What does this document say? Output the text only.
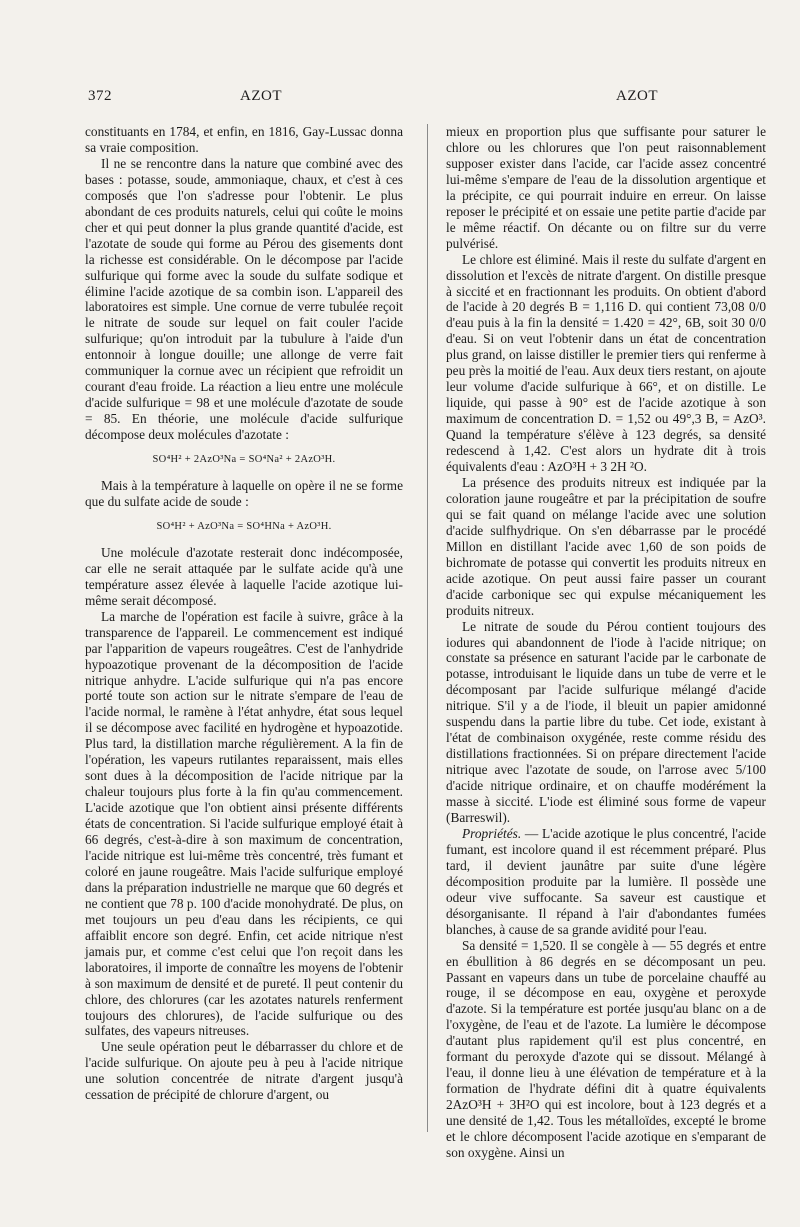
372	AZOT	AZOT

constituants en 1784, et enfin, en 1816, Gay-Lussac donna sa vraie composition.

Il ne se rencontre dans la nature que combiné avec des bases : potasse, soude, ammoniaque, chaux, et c'est à ces composés que l'on s'adresse pour l'obtenir. Le plus abondant de ces produits naturels, celui qui coûte le moins cher et qui peut donner la plus grande quantité d'acide, est l'azotate de soude qui forme au Pérou des gisements dont la richesse est considérable. On le décompose par l'acide sulfurique qui forme avec la soude du sulfate sodique et élimine l'acide azotique de sa combin ison. L'appareil des laboratoires est simple. Une cornue de verre tubulée reçoit le nitrate de soude sur lequel on fait couler l'acide sulfurique; qu'on introduit par la tubulure à l'aide d'un entonnoir à longue douille; une allonge de verre fait communiquer la cornue avec un récipient que refroidit un courant d'eau froide. La réaction a lieu entre une molécule d'acide sulfurique = 98 et une molécule d'azotate de soude = 85. En théorie, une molécule d'acide sulfurique décompose deux molécules d'azotate :

SO⁴H² + 2AzO³Na = SO⁴Na² + 2AzO³H.

Mais à la température à laquelle on opère il ne se forme que du sulfate acide de soude :

SO⁴H² + AzO³Na = SO⁴HNa + AzO³H.

Une molécule d'azotate resterait donc indécomposée, car elle ne serait attaquée par le sulfate acide qu'à une température assez élevée à laquelle l'acide azotique lui-même serait décomposé.

La marche de l'opération est facile à suivre, grâce à la transparence de l'appareil. Le commencement est indiqué par l'apparition de vapeurs rougeâtres. C'est de l'anhydride hypoazotique provenant de la décomposition de l'acide nitrique anhydre. L'acide sulfurique qui n'a pas encore porté toute son action sur le nitrate s'empare de l'eau de l'acide normal, le ramène à l'état anhydre, état sous lequel il se décompose avec facilité en hydrogène et hypoazotide. Plus tard, la distillation marche régulièrement. A la fin de l'opération, les vapeurs rutilantes reparaissent, mais elles sont dues à la décomposition de l'acide nitrique par la chaleur toujours plus forte à la fin qu'au commencement. L'acide azotique que l'on obtient ainsi présente différents états de concentration. Si l'acide sulfurique employé était à 66 degrés, c'est-à-dire à son maximum de concentration, l'acide nitrique est lui-même très concentré, très fumant et coloré en jaune rougeâtre. Mais l'acide sulfurique employé dans la préparation industrielle ne marque que 60 degrés et ne contient que 78 p. 100 d'acide monohydraté. De plus, on met toujours un peu d'eau dans les récipients, ce qui affaiblit encore son degré. Enfin, cet acide nitrique n'est jamais pur, et comme c'est celui que l'on reçoit dans les laboratoires, il importe de connaître les moyens de l'obtenir à son maximum de densité et de pureté. Il peut contenir du chlore, des chlorures (car les azotates naturels renferment toujours des chlorures), de l'acide sulfurique ou des sulfates, des vapeurs nitreuses.

Une seule opération peut le débarrasser du chlore et de l'acide sulfurique. On ajoute peu à peu à l'acide nitrique une solution concentrée de nitrate d'argent jusqu'à cessation de précipité de chlorure d'argent, ou

mieux en proportion plus que suffisante pour saturer le chlore ou les chlorures que l'on peut raisonnablement supposer exister dans l'acide, car l'acide assez concentré lui-même s'empare de l'eau de la dissolution argentique et la précipite, ce qui pourrait induire en erreur. On laisse reposer le précipité et on essaie une petite partie d'acide par le même réactif. On décante ou on filtre sur du verre pulvérisé.

Le chlore est éliminé. Mais il reste du sulfate d'argent en dissolution et l'excès de nitrate d'argent. On distille presque à siccité et en fractionnant les produits. On obtient d'abord de l'acide à 20 degrés B = 1,116 D. qui contient 73,08 0/0 d'eau puis à la fin la densité = 1.420 = 42°, 6B, soit 30 0/0 d'eau. Si on veut l'obtenir dans un état de concentration plus grand, on laisse distiller le premier tiers qui renferme à peu près la moitié de l'eau. Aux deux tiers restant, on ajoute leur volume d'acide sulfurique à 66°, et on distille. Le liquide, qui passe à 90° est de l'acide azotique à son maximum de concentration D. = 1,52 ou 49°,3 B, = AzO³. Quand la température s'élève à 123 degrés, sa densité redescend à 1,42. C'est alors un hydrate dit à trois équivalents d'eau : AzO³H + 3 2H ²O.

La présence des produits nitreux est indiquée par la coloration jaune rougeâtre et par la précipitation de soufre qui se fait quand on mélange l'acide avec une solution d'acide sulfhydrique. On s'en débarrasse par le procédé Millon en distillant l'acide avec 1,60 de son poids de bichromate de potasse qui convertit les produits nitreux en acide azotique. On peut aussi faire passer un courant d'acide carbonique sec qui expulse mécaniquement les produits nitreux.

Le nitrate de soude du Pérou contient toujours des iodures qui abandonnent de l'iode à l'acide nitrique; on constate sa présence en saturant l'acide par le carbonate de potasse, introduisant le liquide dans un tube de verre et le décomposant par l'acide sulfurique mélangé d'acide nitrique. S'il y a de l'iode, il bleuit un papier amidonné suspendu dans la partie libre du tube. Cet iode, existant à l'état de combinaison oxygénée, reste comme résidu des distillations fractionnées. Si on prépare directement l'acide nitrique avec l'azotate de soude, on l'arrose avec 5/100 d'acide nitrique ordinaire, et on chauffe modérément la masse à siccité. L'iode est éliminé sous forme de vapeur (Barreswil).

Propriétés. — L'acide azotique le plus concentré, l'acide fumant, est incolore quand il est récemment préparé. Plus tard, il devient jaunâtre par suite d'une légère décomposition produite par la lumière. Il possède une odeur vive suffocante. Sa saveur est caustique et désorganisante. Il répand à l'air d'abondantes fumées blanches, à cause de sa grande avidité pour l'eau.

Sa densité = 1,520. Il se congèle à — 55 degrés et entre en ébullition à 86 degrés en se décomposant un peu. Passant en vapeurs dans un tube de porcelaine chauffé au rouge, il se décompose en eau, oxygène et peroxyde d'azote. Si la température est portée jusqu'au blanc on a de l'oxygène, de l'eau et de l'azote. La lumière le décompose d'autant plus rapidement qu'il est plus concentré, en formant du peroxyde d'azote qui se dissout. Mélangé à l'eau, il donne lieu à une élévation de température et à la formation de l'hydrate défini dit à quatre équivalents 2AzO³H + 3H²O qui est incolore, bout à 123 degrés et a une densité de 1,42. Tous les métalloïdes, excepté le brome et le chlore décomposent l'acide azotique en s'emparant de son oxygène. Ainsi un
